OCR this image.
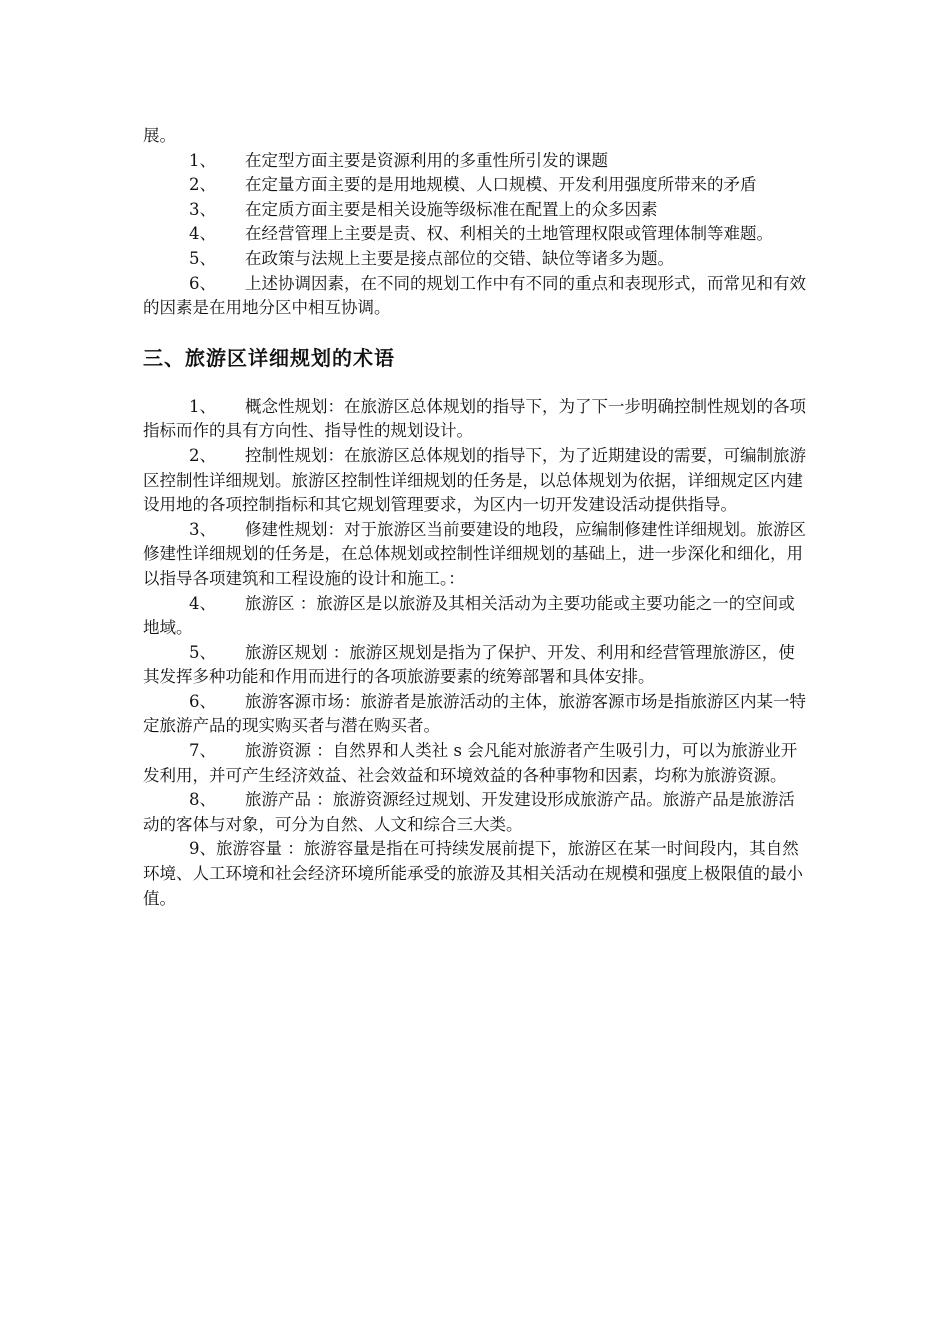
展。

1、 在定型方面主要是资源利用的多重性所引发的课题

2、 在定量方面主要的是用地规模、人口规模、开发利用强度所带来的矛盾

3、 在定质方面主要是相关设施等级标准在配置上的众多因素

4、 在经营管理上主要是责、权、利相关的土地管理权限或管理体制等难题。

5、 在政策与法规上主要是接点部位的交错、缺位等诸多为题。

6、 上述协调因素，在不同的规划工作中有不同的重点和表现形式，而常见和有效的因素是在用地分区中相互协调。

三、旅游区详细规划的术语

1、 概念性规划：在旅游区总体规划的指导下，为了下一步明确控制性规划的各项指标而作的具有方向性、指导性的规划设计。

2、 控制性规划：在旅游区总体规划的指导下，为了近期建设的需要，可编制旅游区控制性详细规划。旅游区控制性详细规划的任务是，以总体规划为依据，详细规定区内建设用地的各项控制指标和其它规划管理要求，为区内一切开发建设活动提供指导。

3、 修建性规划：对于旅游区当前要建设的地段，应编制修建性详细规划。旅游区修建性详细规划的任务是，在总体规划或控制性详细规划的基础上，进一步深化和细化，用以指导各项建筑和工程设施的设计和施工。：

4、 旅游区 ：旅游区是以旅游及其相关活动为主要功能或主要功能之一的空间或地域。

5、 旅游区规划 ：旅游区规划是指为了保护、开发、利用和经营管理旅游区，使其发挥多种功能和作用而进行的各项旅游要素的统筹部署和具体安排。

6、 旅游客源市场：旅游者是旅游活动的主体，旅游客源市场是指旅游区内某一特定旅游产品的现实购买者与潜在购买者。

7、 旅游资源 ：自然界和人类社 s 会凡能对旅游者产生吸引力，可以为旅游业开发利用，并可产生经济效益、社会效益和环境效益的各种事物和因素，均称为旅游资源。

8、 旅游产品 ：旅游资源经过规划、开发建设形成旅游产品。旅游产品是旅游活动的客体与对象，可分为自然、人文和综合三大类。

9、旅游容量 ：旅游容量是指在可持续发展前提下，旅游区在某一时间段内，其自然环境、人工环境和社会经济环境所能承受的旅游及其相关活动在规模和强度上极限值的最小值。
